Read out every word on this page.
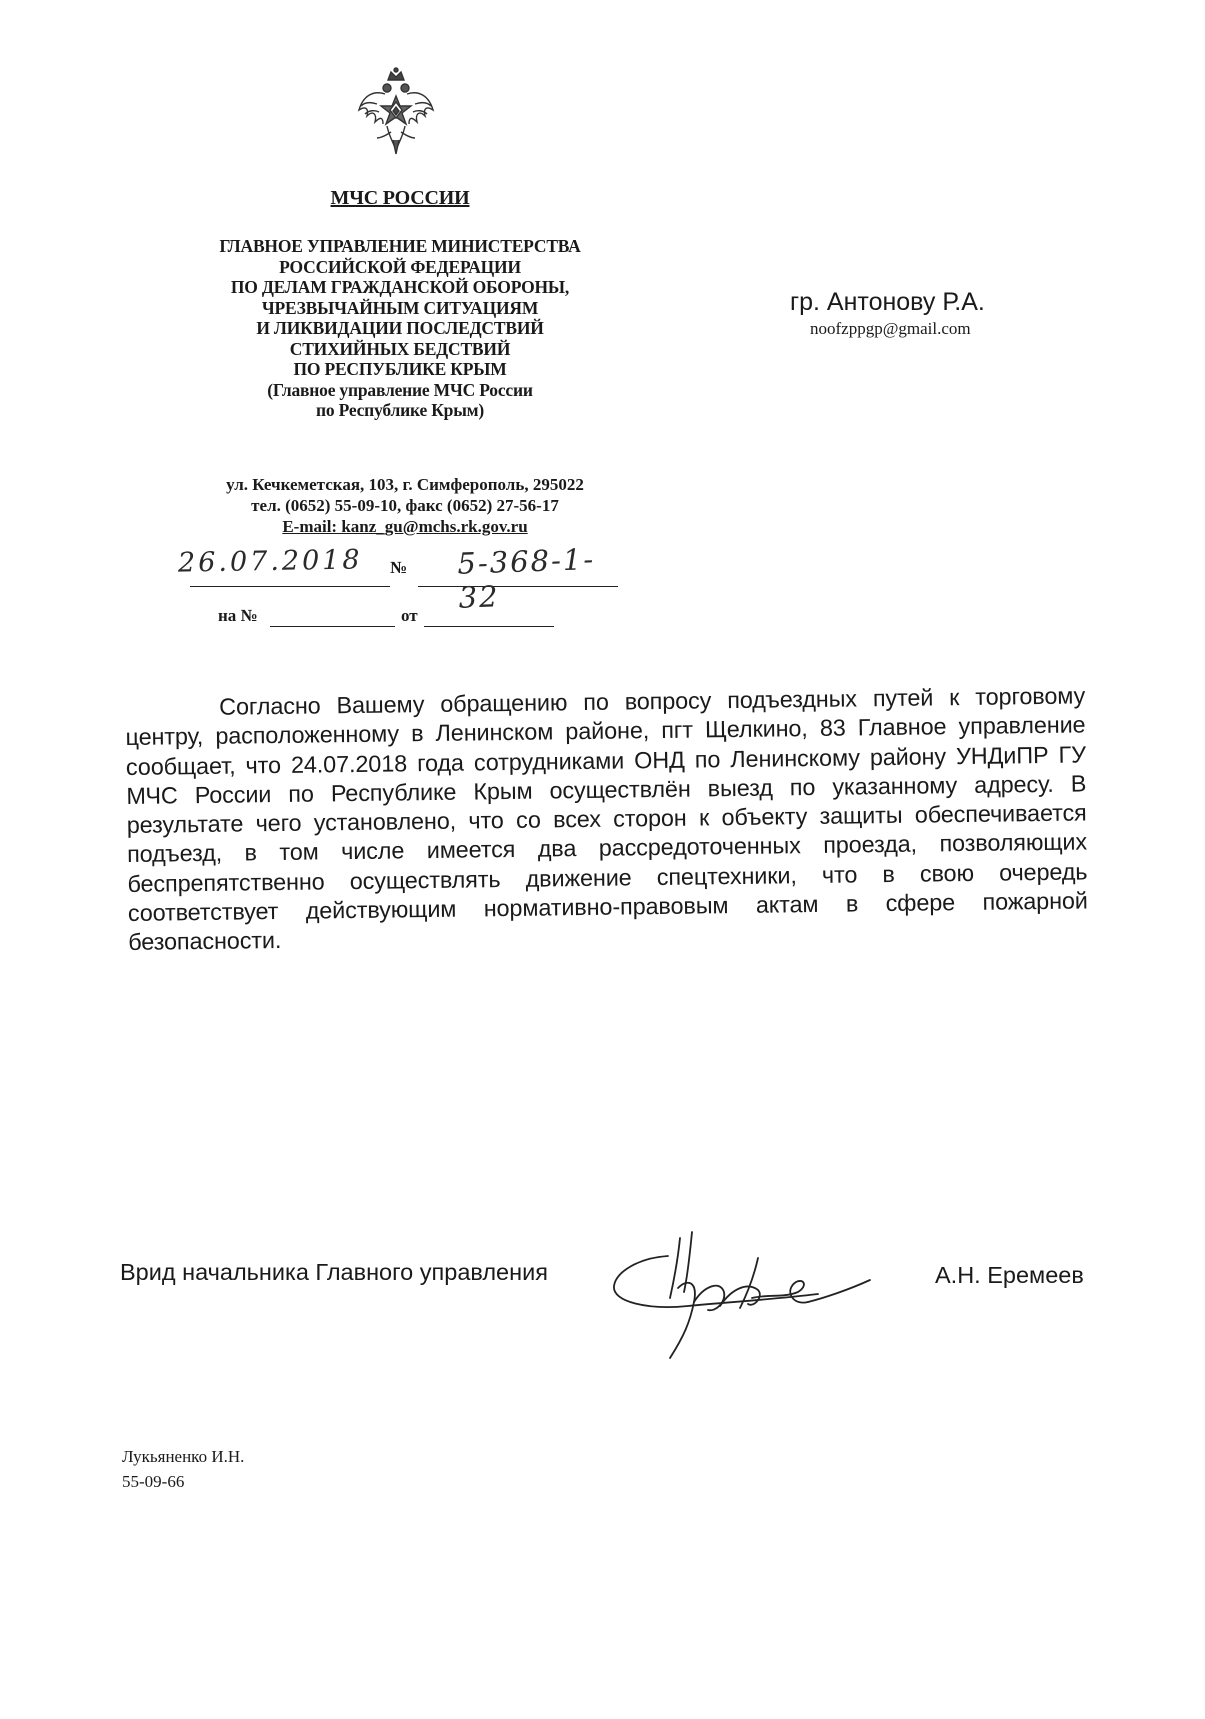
МЧС РОССИИ
ГЛАВНОЕ УПРАВЛЕНИЕ МИНИСТЕРСТВА
РОССИЙСКОЙ ФЕДЕРАЦИИ
ПО ДЕЛАМ ГРАЖДАНСКОЙ ОБОРОНЫ,
ЧРЕЗВЫЧАЙНЫМ СИТУАЦИЯМ
И ЛИКВИДАЦИИ ПОСЛЕДСТВИЙ
СТИХИЙНЫХ БЕДСТВИЙ
ПО РЕСПУБЛИКЕ КРЫМ
(Главное управление МЧС России
по Республике Крым)
ул. Кечкеметская, 103, г. Симферополь, 295022
тел. (0652) 55-09-10, факс (0652) 27-56-17
E-mail: kanz_gu@mchs.rk.gov.ru
26.07.2018 № 5-368-1-32
на №	от
гр. Антонову Р.А.
noofzppgp@gmail.com
Согласно Вашему обращению по вопросу подъездных путей к торговому центру, расположенному в Ленинском районе, пгт Щелкино, 83 Главное управление сообщает, что 24.07.2018 года сотрудниками ОНД по Ленинскому району УНДиПР ГУ МЧС России по Республике Крым осуществлён выезд по указанному адресу. В результате чего установлено, что со всех сторон к объекту защиты обеспечивается подъезд, в том числе имеется два рассредоточенных проезда, позволяющих беспрепятственно осуществлять движение спецтехники, что в свою очередь соответствует действующим нормативно-правовым актам в сфере пожарной безопасности.
Врид начальника Главного управления	А.Н. Еремеев
Лукьяненко И.Н.
55-09-66
